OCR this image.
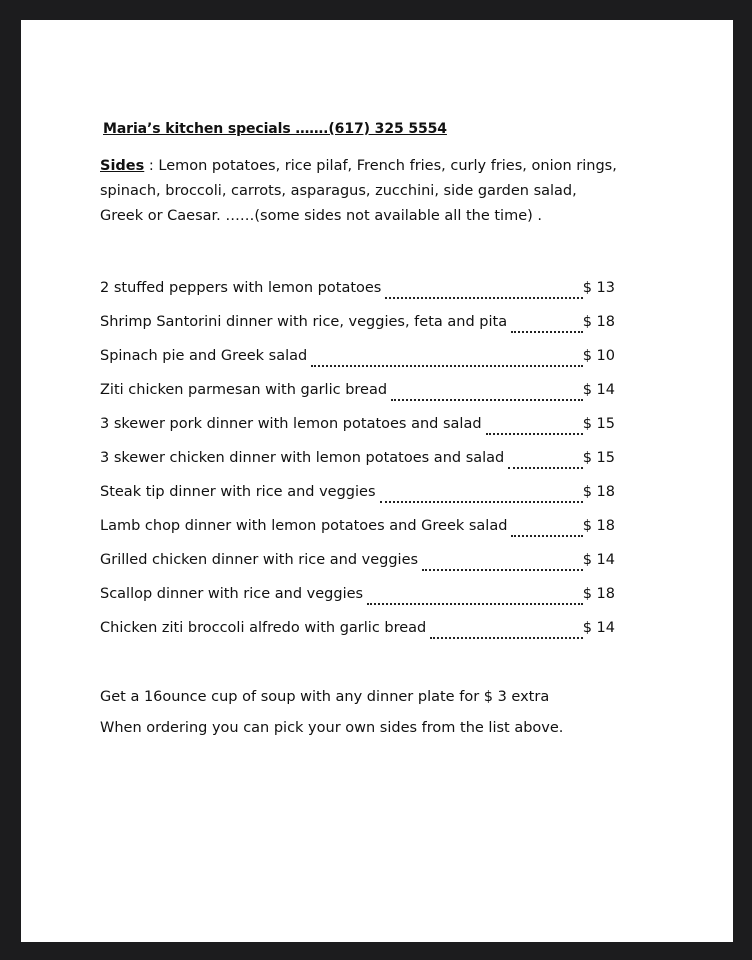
Maria’s kitchen specials …….(617) 325 5554
Sides : Lemon potatoes, rice pilaf, French fries, curly fries, onion rings, spinach, broccoli, carrots, asparagus, zucchini, side garden salad, Greek or Caesar. ……(some sides not available all the time) .
2 stuffed peppers with lemon potatoes	$ 13
Shrimp Santorini dinner with rice, veggies, feta and pita	$ 18
Spinach pie and Greek salad	$ 10
Ziti chicken parmesan with garlic bread	$ 14
3 skewer pork dinner with lemon potatoes and salad	$ 15
3 skewer chicken dinner with lemon potatoes and salad	$ 15
Steak tip dinner with rice and veggies	$ 18
Lamb chop dinner with lemon potatoes and Greek salad	$ 18
Grilled chicken dinner with rice and veggies	$ 14
Scallop dinner with rice and veggies	$ 18
Chicken ziti broccoli alfredo with garlic bread	$ 14
Get a 16ounce cup of soup with any dinner plate for $ 3 extra
When ordering you can pick your own sides from the list above.
